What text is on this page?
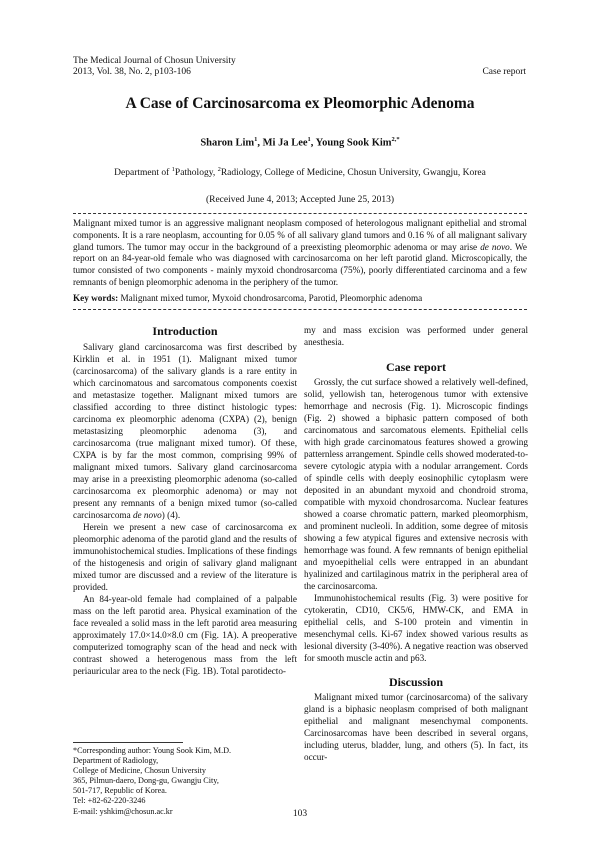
The Medical Journal of Chosun University
2013, Vol. 38, No. 2, p103-106	Case report
A Case of Carcinosarcoma ex Pleomorphic Adenoma
Sharon Lim$^1$, Mi Ja Lee$^1$, Young Sook Kim$^{2,*}$
Department of $^1$Pathology, $^2$Radiology, College of Medicine, Chosun University, Gwangju, Korea
(Received June 4, 2013; Accepted June 25, 2013)
Malignant mixed tumor is an aggressive malignant neoplasm composed of heterologous malignant epithelial and stromal components. It is a rare neoplasm, accounting for 0.05 % of all salivary gland tumors and 0.16 % of all malignant salivary gland tumors. The tumor may occur in the background of a preexisting pleomorphic adenoma or may arise de novo. We report on an 84-year-old female who was diagnosed with carcinosarcoma on her left parotid gland. Microscopically, the tumor consisted of two components - mainly myxoid chondrosarcoma (75%), poorly differentiated carcinoma and a few remnants of benign pleomorphic adenoma in the periphery of the tumor.
Key words: Malignant mixed tumor, Myxoid chondrosarcoma, Parotid, Pleomorphic adenoma
Introduction

Salivary gland carcinosarcoma was first described by Kirklin et al. in 1951 (1). Malignant mixed tumor (carcinosarcoma) of the salivary glands is a rare entity in which carcinomatous and sarcomatous components coexist and metastasize together. Malignant mixed tumors are classified according to three distinct histologic types: carcinoma ex pleomorphic adenoma (CXPA) (2), benign metastasizing pleomorphic adenoma (3), and carcinosarcoma (true malignant mixed tumor). Of these, CXPA is by far the most common, comprising 99% of malignant mixed tumors. Salivary gland carcinosarcoma may arise in a preexisting pleomorphic adenoma (so-called carcinosarcoma ex pleomorphic adenoma) or may not present any remnants of a benign mixed tumor (so-called carcinosarcoma de novo) (4).

Herein we present a new case of carcinosarcoma ex pleomorphic adenoma of the parotid gland and the results of immunohistochemical studies. Implications of these findings of the histogenesis and origin of salivary gland malignant mixed tumor are discussed and a review of the literature is provided.

An 84-year-old female had complained of a palpable mass on the left parotid area. Physical examination of the face revealed a solid mass in the left parotid area measuring approximately 17.0×14.0×8.0 cm (Fig. 1A). A preoperative computerized tomography scan of the head and neck with contrast showed a heterogenous mass from the left periauricular area to the neck (Fig. 1B). Total parotidecto-

my and mass excision was performed under general anesthesia.

Case report

Grossly, the cut surface showed a relatively well-defined, solid, yellowish tan, heterogenous tumor with extensive hemorrhage and necrosis (Fig. 1). Microscopic findings (Fig. 2) showed a biphasic pattern composed of both carcinomatous and sarcomatous elements. Epithelial cells with high grade carcinomatous features showed a growing patternless arrangement. Spindle cells showed moderated-to-severe cytologic atypia with a nodular arrangement. Cords of spindle cells with deeply eosinophilic cytoplasm were deposited in an abundant myxoid and chondroid stroma, compatible with myxoid chondrosarcoma. Nuclear features showed a coarse chromatic pattern, marked pleomorphism, and prominent nucleoli. In addition, some degree of mitosis showing a few atypical figures and extensive necrosis with hemorrhage was found. A few remnants of benign epithelial and myoepithelial cells were entrapped in an abundant hyalinized and cartilaginous matrix in the peripheral area of the carcinosarcoma.

Immunohistochemical results (Fig. 3) were positive for cytokeratin, CD10, CK5/6, HMW-CK, and EMA in epithelial cells, and S-100 protein and vimentin in mesenchymal cells. Ki-67 index showed various results as lesional diversity (3-40%). A negative reaction was observed for smooth muscle actin and p63.

Discussion

Malignant mixed tumor (carcinosarcoma) of the salivary gland is a biphasic neoplasm comprised of both malignant epithelial and malignant mesenchymal components. Carcinosarcomas have been described in several organs, including uterus, bladder, lung, and others (5). In fact, its occur-

*Corresponding author: Young Sook Kim, M.D.
Department of Radiology,
College of Medicine, Chosun University
365, Pilmun-daero, Dong-gu, Gwangju City,
501-717, Republic of Korea.
Tel: +82-62-220-3246
E-mail: yshkim@chosun.ac.kr	103
